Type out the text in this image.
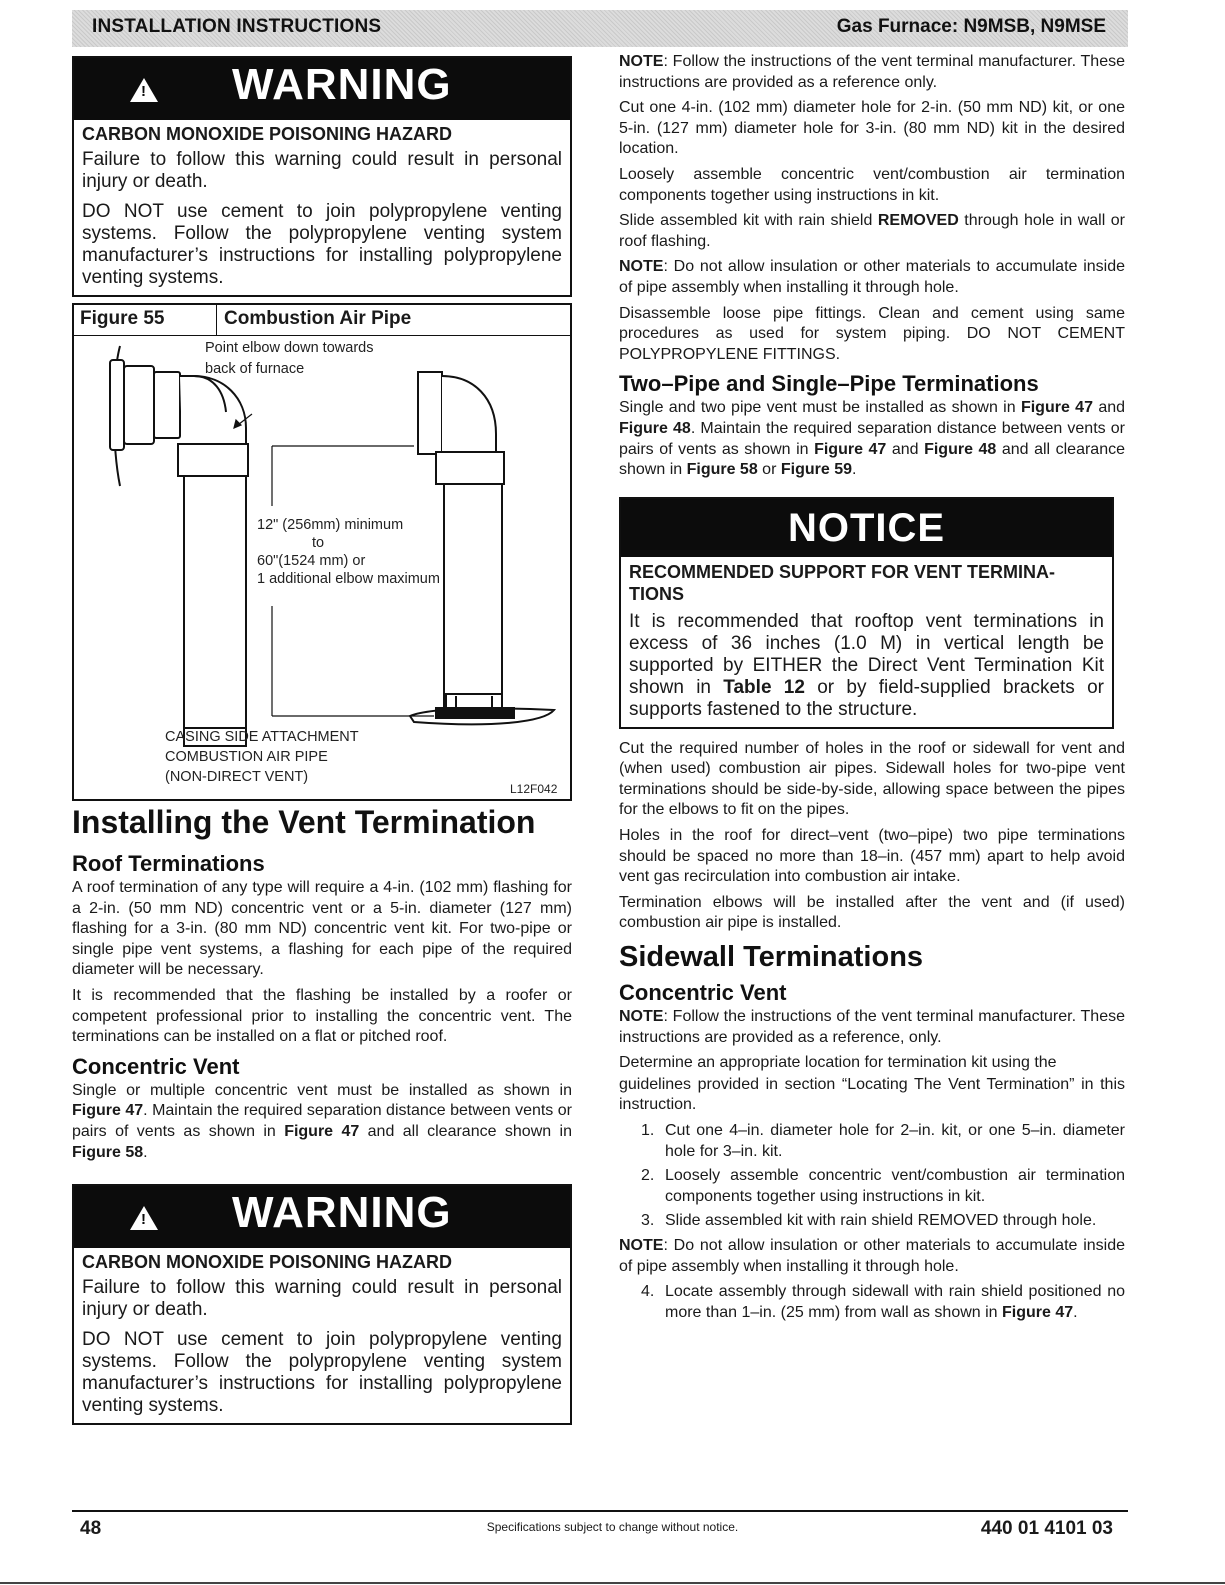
INSTALLATION INSTRUCTIONS	Gas Furnace: N9MSB, N9MSE
!
WARNING
CARBON MONOXIDE POISONING HAZARD

Failure to follow this warning could result in personal injury or death.

DO NOT use cement to join polypropylene venting systems. Follow the polypropylene venting system manufacturer’s instructions for installing polypropylene venting systems.

Figure 55	Combustion Air Pipe
Point elbow down towards
back of furnace
12" (256mm) minimum
to
60"(1524 mm) or
1 additional elbow maximum
CASING SIDE ATTACHMENT
COMBUSTION AIR PIPE
(NON-DIRECT VENT)
L12F042
Installing the Vent Termination
Roof Terminations

A roof termination of any type will require a 4-in. (102 mm) flashing for a 2-in. (50 mm ND) concentric vent or a 5-in. diameter (127 mm) flashing for a 3-in. (80 mm ND) concentric vent kit. For two-pipe or single pipe vent systems, a flashing for each pipe of the required diameter will be necessary.

It is recommended that the flashing be installed by a roofer or competent professional prior to installing the concentric vent. The terminations can be installed on a flat or pitched roof.

Concentric Vent

Single or multiple concentric vent must be installed as shown in Figure 47. Maintain the required separation distance between vents or pairs of vents as shown in Figure 47 and all clearance shown in Figure 58.

!
WARNING
CARBON MONOXIDE POISONING HAZARD

Failure to follow this warning could result in personal injury or death.

DO NOT use cement to join polypropylene venting systems. Follow the polypropylene venting system manufacturer’s instructions for installing polypropylene venting systems.

NOTE: Follow the instructions of the vent terminal manufacturer. These instructions are provided as a reference only.

Cut one 4-in. (102 mm) diameter hole for 2-in. (50 mm ND) kit, or one 5-in. (127 mm) diameter hole for 3-in. (80 mm ND) kit in the desired location.

Loosely assemble concentric vent/combustion air termination components together using instructions in kit.

Slide assembled kit with rain shield REMOVED through hole in wall or roof flashing.

NOTE: Do not allow insulation or other materials to accumulate inside of pipe assembly when installing it through hole.

Disassemble loose pipe fittings. Clean and cement using same procedures as used for system piping. DO NOT CEMENT POLYPROPYLENE FITTINGS.

Two–Pipe and Single–Pipe Terminations

Single and two pipe vent must be installed as shown in Figure 47 and Figure 48. Maintain the required separation distance between vents or pairs of vents as shown in Figure 47 and Figure 48 and all clearance shown in Figure 58 or Figure 59.

NOTICE
RECOMMENDED SUPPORT FOR VENT TERMINA- TIONS

It is recommended that rooftop vent terminations in excess of 36 inches (1.0 M) in vertical length be supported by EITHER the Direct Vent Termination Kit shown in Table 12 or by field-supplied brackets or supports fastened to the structure.

Cut the required number of holes in the roof or sidewall for vent and (when used) combustion air pipes. Sidewall holes for two-pipe vent terminations should be side-by-side, allowing space between the pipes for the elbows to fit on the pipes.

Holes in the roof for direct–vent (two–pipe) two pipe terminations should be spaced no more than 18–in. (457 mm) apart to help avoid vent gas recirculation into combustion air intake.

Termination elbows will be installed after the vent and (if used) combustion air pipe is installed.

Sidewall Terminations
Concentric Vent

NOTE: Follow the instructions of the vent terminal manufacturer. These instructions are provided as a reference, only.

Determine an appropriate location for termination kit using the

guidelines provided in section “Locating The Vent Termination” in this instruction.

1. Cut one 4–in. diameter hole for 2–in. kit, or one 5–in. diameter hole for 3–in. kit.
2. Loosely assemble concentric vent/combustion air termination components together using instructions in kit.
3. Slide assembled kit with rain shield REMOVED through hole.

NOTE: Do not allow insulation or other materials to accumulate inside of pipe assembly when installing it through hole.

4. Locate assembly through sidewall with rain shield positioned no more than 1–in. (25 mm) from wall as shown in Figure 47.
48	Specifications subject to change without notice.	440 01 4101 03
